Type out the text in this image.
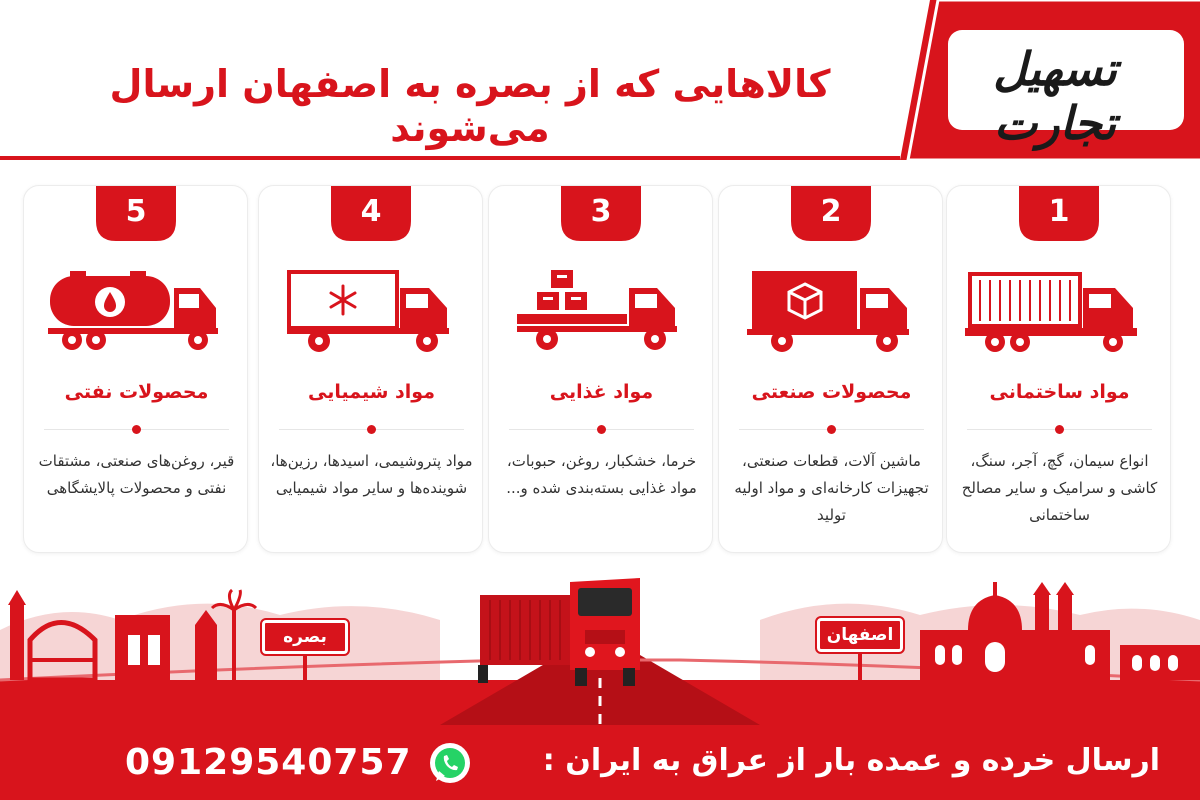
کالاهایی که از بصره به اصفهان ارسال می‌شوند
تسهیل تجارت
1
مواد ساختمانی
انواع سیمان، گچ، آجر، سنگ، کاشی و سرامیک و سایر مصالح ساختمانی
2
محصولات صنعتی
ماشین آلات، قطعات صنعتی، تجهیزات کارخانه‌ای و مواد اولیه تولید
3
مواد غذایی
خرما، خشکبار، روغن، حبوبات، مواد غذایی بسته‌بندی شده و...
4
مواد شیمیایی
مواد پتروشیمی، اسیدها، رزین‌ها، شوینده‌ها و سایر مواد شیمیایی
5
محصولات نفتی
قیر، روغن‌های صنعتی، مشتقات نفتی و محصولات پالایشگاهی
بصره	اصفهان
ارسال خرده و عمده بار از عراق به ایران :
09129540757
